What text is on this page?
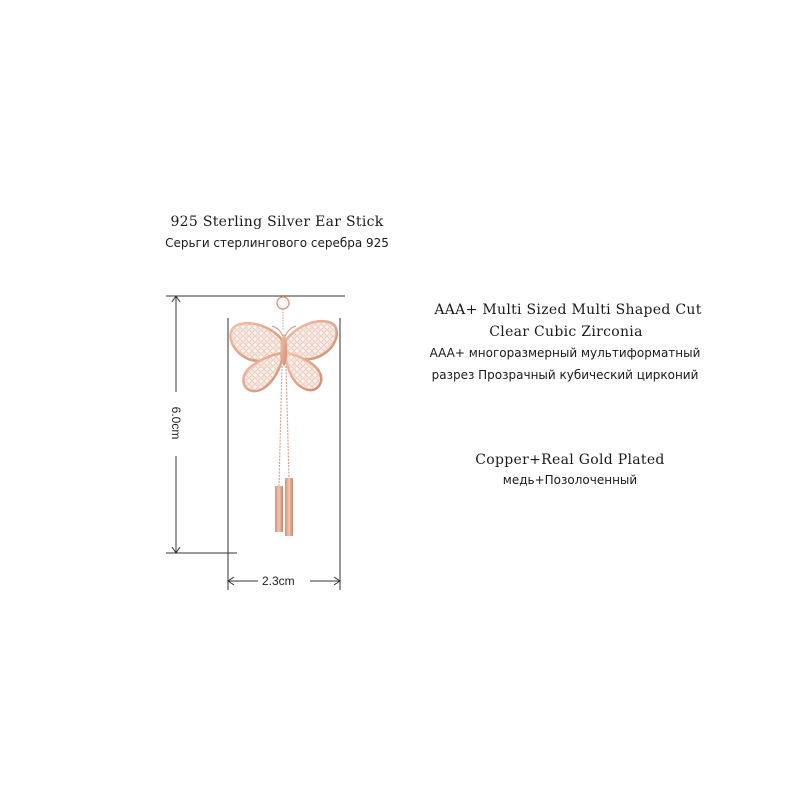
925 Sterling Silver Ear Stick
Серьги стерлингового серебра 925
AAA+ Multi Sized Multi Shaped Cut
Clear Cubic Zirconia
AAA+ многоразмерный мультиформатный
разрез Прозрачный кубический цирконий
Copper+Real Gold Plated
медь+Позолоченный
6.0cm
2.3cm
